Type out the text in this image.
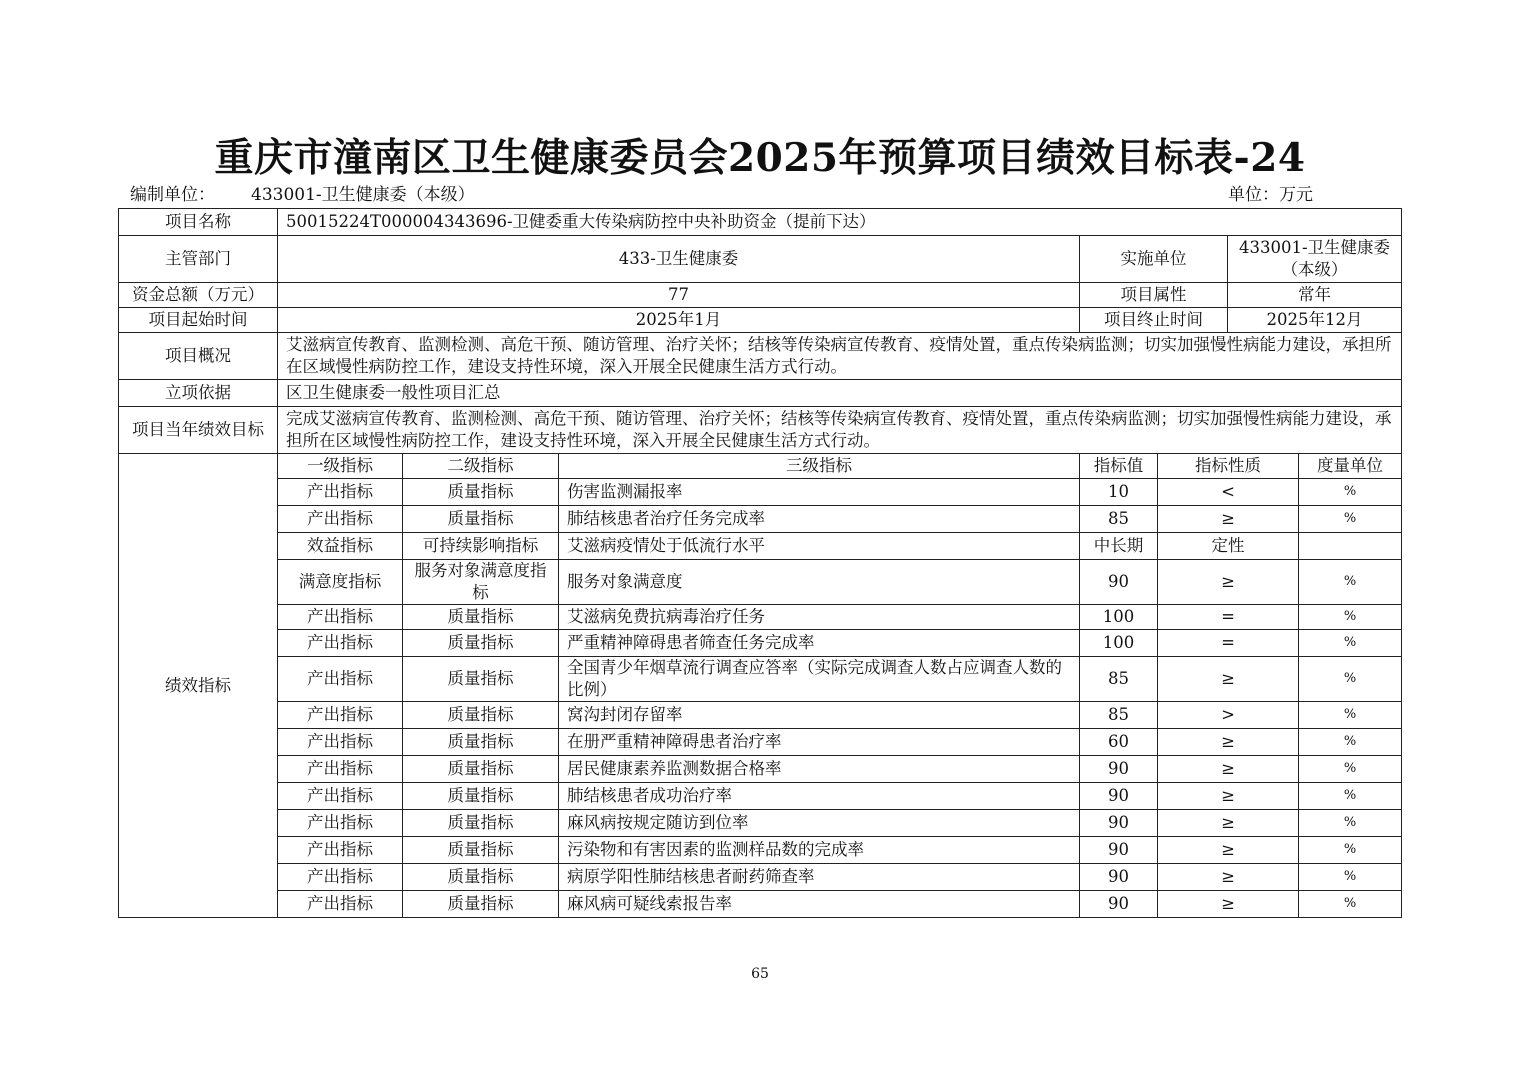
重庆市潼南区卫生健康委员会2025年预算项目绩效目标表-24
编制单位： 433001-卫生健康委（本级）	单位：万元
项目名称	50015224T000004343696-卫健委重大传染病防控中央补助资金（提前下达）						
主管部门	433-卫生健康委			实施单位		433001-卫生健康委
（本级）	
资金总额（万元）	77			项目属性		常年	
项目起始时间	2025年1月			项目终止时间		2025年12月	
项目概况	艾滋病宣传教育、监测检测、高危干预、随访管理、治疗关怀；结核等传染病宣传教育、疫情处置，重点传染病监测；切实加强慢性病能力建设，承担所在区域慢性病防控工作，建设支持性环境，深入开展全民健康生活方式行动。						
立项依据	区卫生健康委一般性项目汇总						
项目当年绩效目标	完成艾滋病宣传教育、监测检测、高危干预、随访管理、治疗关怀；结核等传染病宣传教育、疫情处置，重点传染病监测；切实加强慢性病能力建设，承担所在区域慢性病防控工作，建设支持性环境，深入开展全民健康生活方式行动。						
绩效指标	一级指标	二级指标	三级指标	指标值	指标性质		度量单位
	产出指标	质量指标	伤害监测漏报率	10	<		%
	产出指标	质量指标	肺结核患者治疗任务完成率	85	≥		%
	效益指标	可持续影响指标	艾滋病疫情处于低流行水平	中长期	定性		
	满意度指标	服务对象满意度指标	服务对象满意度	90	≥		%
	产出指标	质量指标	艾滋病免费抗病毒治疗任务	100	=		%
	产出指标	质量指标	严重精神障碍患者筛查任务完成率	100	=		%
	产出指标	质量指标	全国青少年烟草流行调查应答率（实际完成调查人数占应调查人数的比例）	85	≥		%
	产出指标	质量指标	窝沟封闭存留率	85	>		%
	产出指标	质量指标	在册严重精神障碍患者治疗率	60	≥		%
	产出指标	质量指标	居民健康素养监测数据合格率	90	≥		%
	产出指标	质量指标	肺结核患者成功治疗率	90	≥		%
	产出指标	质量指标	麻风病按规定随访到位率	90	≥		%
	产出指标	质量指标	污染物和有害因素的监测样品数的完成率	90	≥		%
	产出指标	质量指标	病原学阳性肺结核患者耐药筛查率	90	≥		%
	产出指标	质量指标	麻风病可疑线索报告率	90	≥		%
65
